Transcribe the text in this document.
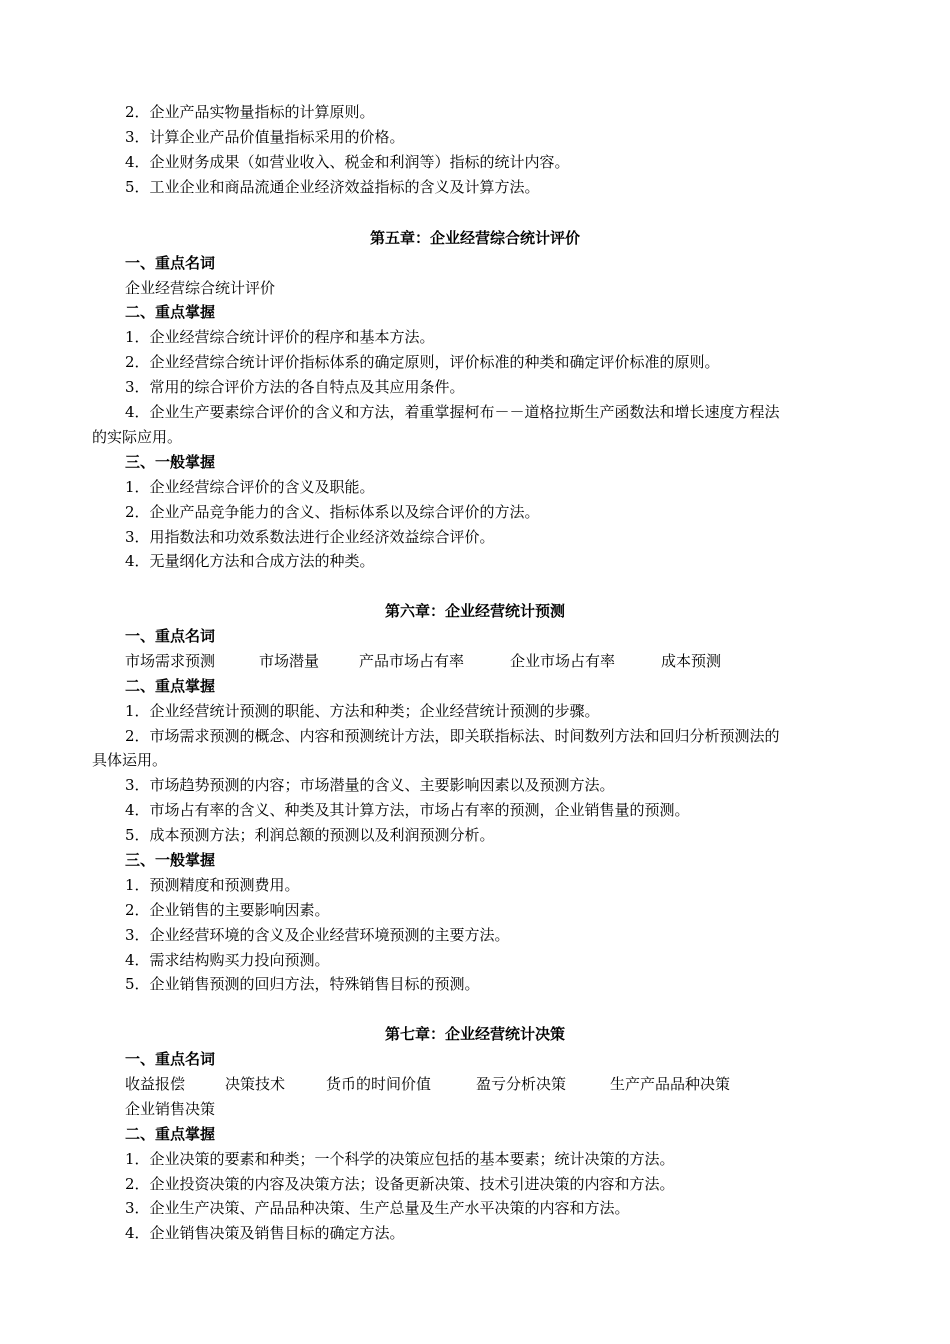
2．企业产品实物量指标的计算原则。
3．计算企业产品价值量指标采用的价格。
4．企业财务成果（如营业收入、税金和利润等）指标的统计内容。
5．工业企业和商品流通企业经济效益指标的含义及计算方法。
第五章：企业经营综合统计评价
一、重点名词
企业经营综合统计评价
二、重点掌握
1．企业经营综合统计评价的程序和基本方法。
2．企业经营综合统计评价指标体系的确定原则，评价标准的种类和确定评价标准的原则。
3．常用的综合评价方法的各自特点及其应用条件。
4．企业生产要素综合评价的含义和方法，着重掌握柯布－－道格拉斯生产函数法和增长速度方程法
的实际应用。
三、一般掌握
1．企业经营综合评价的含义及职能。
2．企业产品竞争能力的含义、指标体系以及综合评价的方法。
3．用指数法和功效系数法进行企业经济效益综合评价。
4．无量纲化方法和合成方法的种类。
第六章：企业经营统计预测
一、重点名词
市场需求预测	市场潜量	产品市场占有率	企业市场占有率	成本预测
二、重点掌握
1．企业经营统计预测的职能、方法和种类；企业经营统计预测的步骤。
2．市场需求预测的概念、内容和预测统计方法，即关联指标法、时间数列方法和回归分析预测法的
具体运用。
3．市场趋势预测的内容；市场潜量的含义、主要影响因素以及预测方法。
4．市场占有率的含义、种类及其计算方法，市场占有率的预测，企业销售量的预测。
5．成本预测方法；利润总额的预测以及利润预测分析。
三、一般掌握
1．预测精度和预测费用。
2．企业销售的主要影响因素。
3．企业经营环境的含义及企业经营环境预测的主要方法。
4．需求结构购买力投向预测。
5．企业销售预测的回归方法，特殊销售目标的预测。
第七章：企业经营统计决策
一、重点名词
收益报偿	决策技术	货币的时间价值	盈亏分析决策	生产产品品种决策
企业销售决策
二、重点掌握
1．企业决策的要素和种类；一个科学的决策应包括的基本要素；统计决策的方法。
2．企业投资决策的内容及决策方法；设备更新决策、技术引进决策的内容和方法。
3．企业生产决策、产品品种决策、生产总量及生产水平决策的内容和方法。
4．企业销售决策及销售目标的确定方法。
